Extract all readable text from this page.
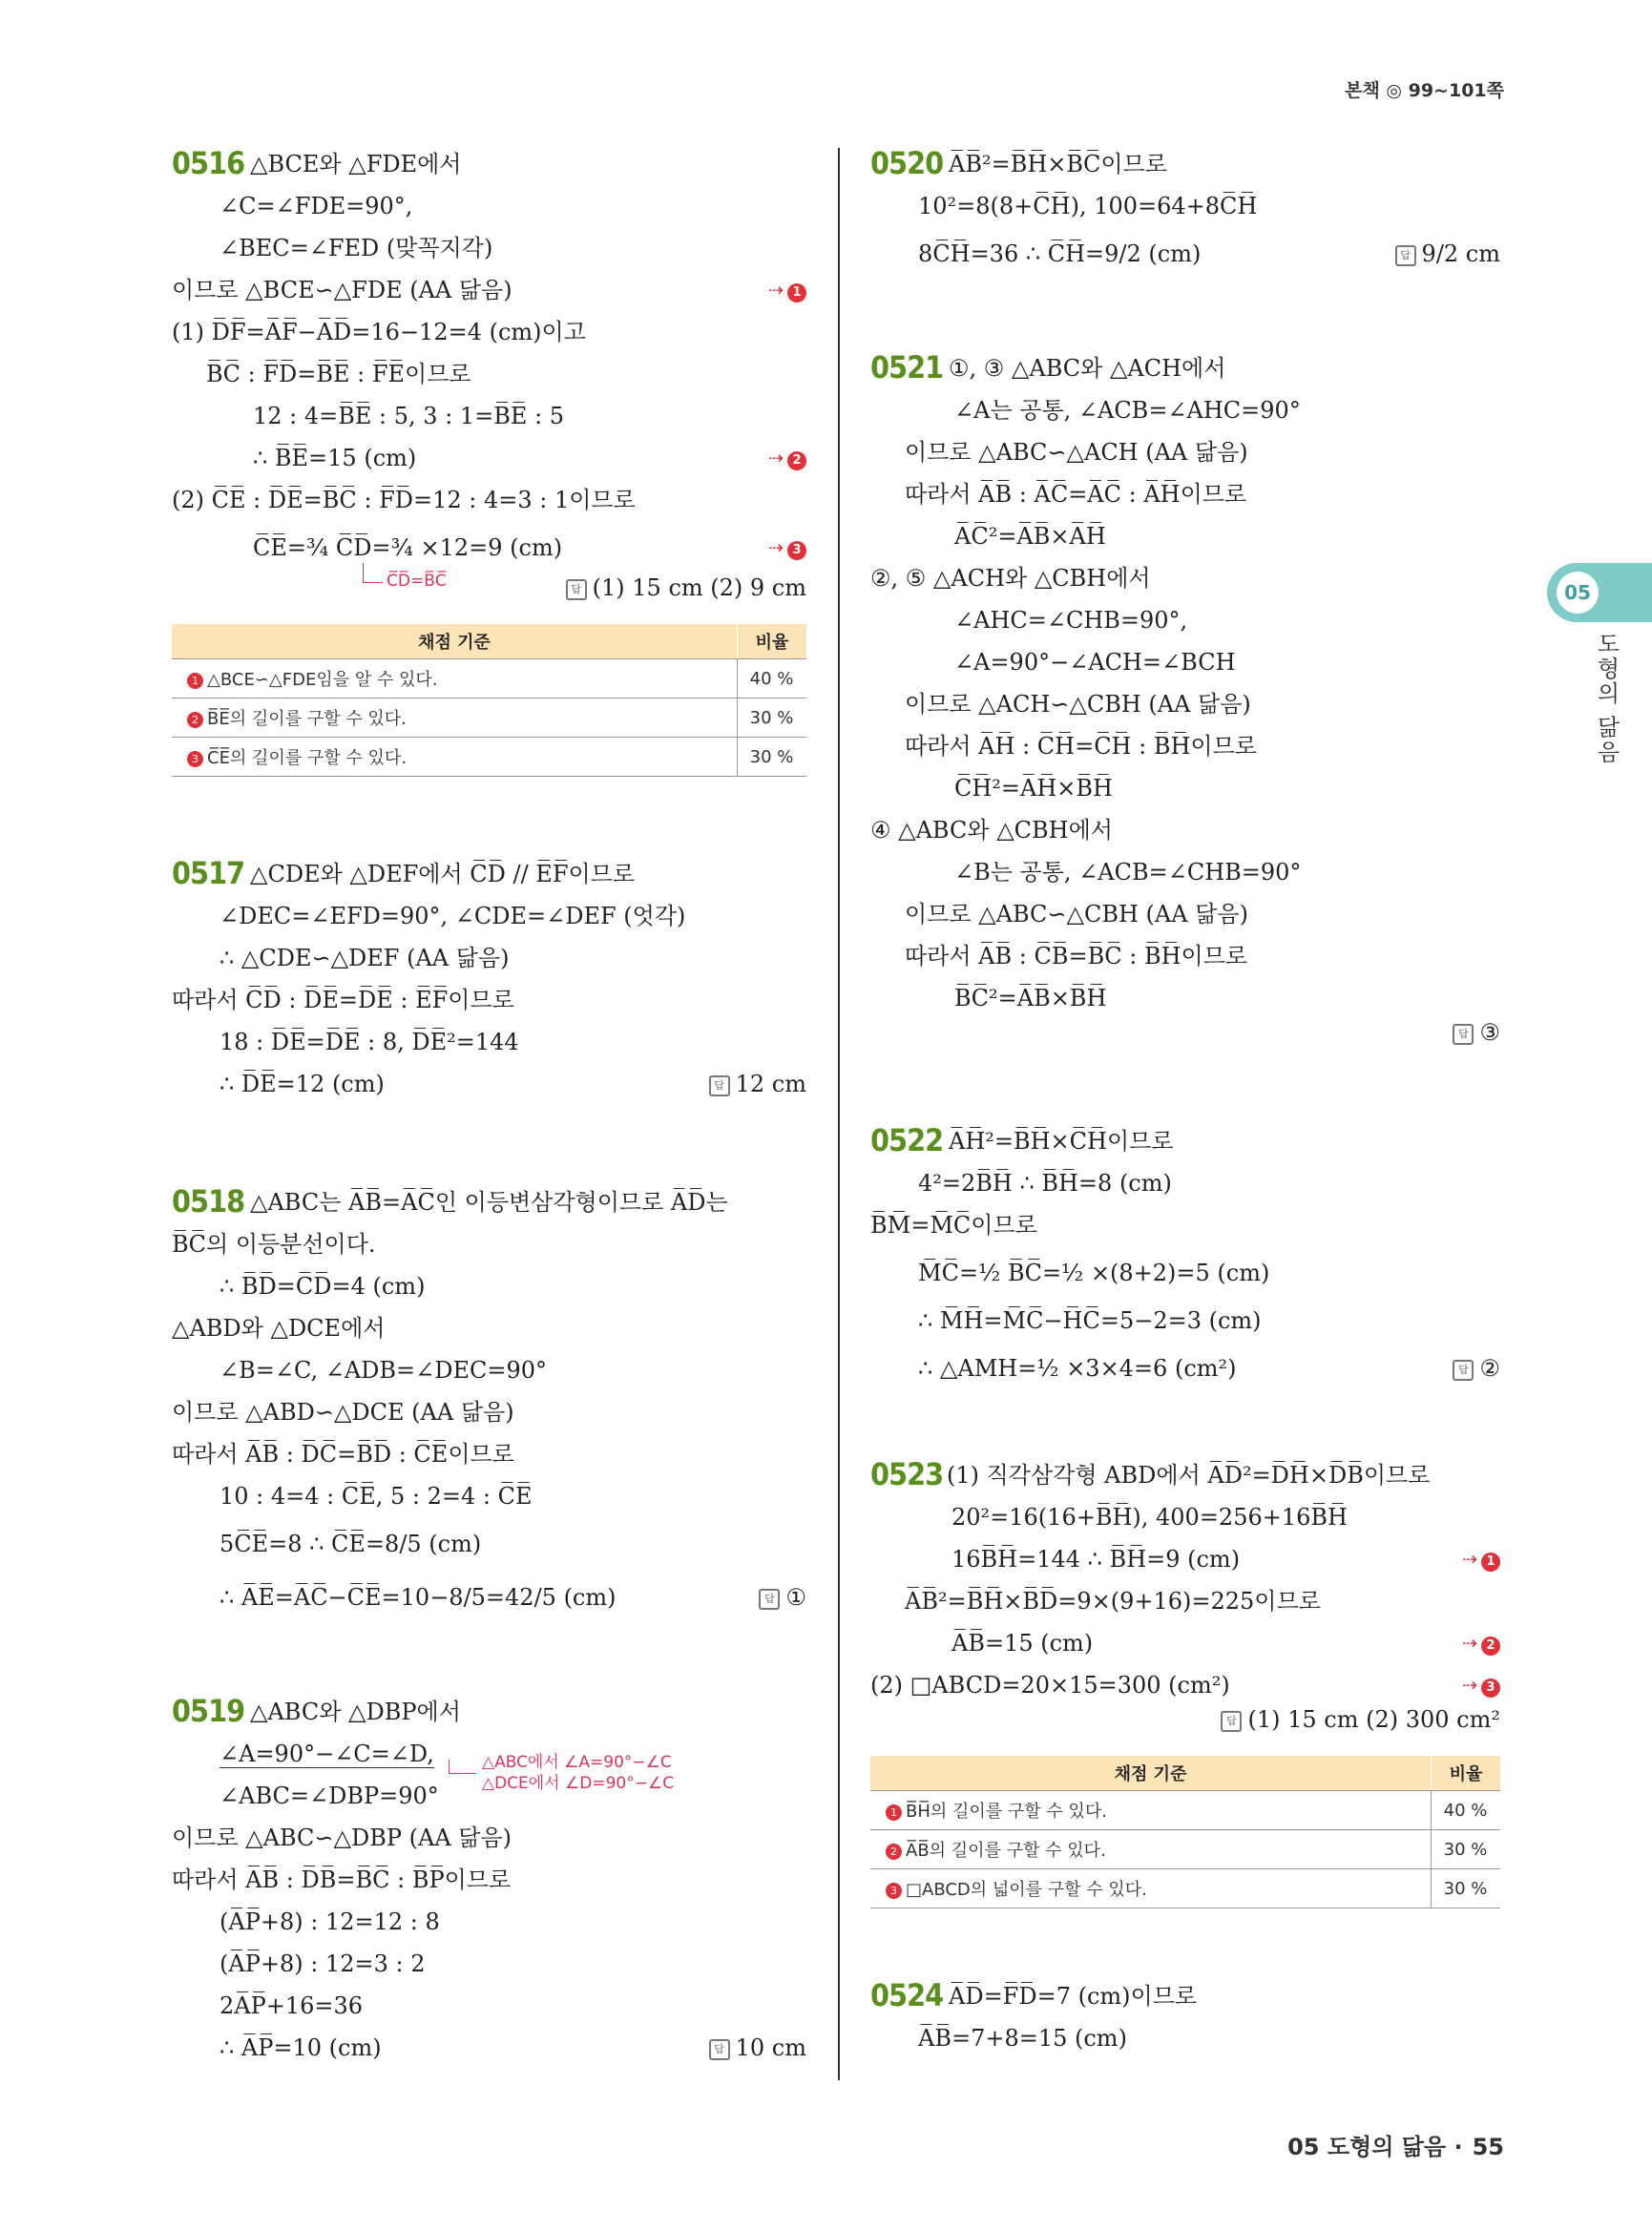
본책 ◎ 99~101쪽
05
도형의 닮음
0516 △BCE와 △FDE에서
∠C=∠FDE=90°,
∠BEC=∠FED (맞꼭지각)
이므로 △BCE∽△FDE (AA 닮음)	⇢ 1
(1) D̅F̅=A̅F̅−A̅D̅=16−12=4 (cm)이고
B̅C̅ : F̅D̅=B̅E̅ : F̅E̅이므로
12 : 4=B̅E̅ : 5, 3 : 1=B̅E̅ : 5
∴ B̅E̅=15 (cm)	⇢ 2
(2) C̅E̅ : D̅E̅=B̅C̅ : F̅D̅=12 : 4=3 : 1이므로
C̅E̅=¾ C̅D̅=¾ ×12=9 (cm)	⇢ 3
C̅D̅=B̅C̅	답 (1) 15 cm (2) 9 cm
채점 기준	비율
1 △BCE∽△FDE임을 알 수 있다.	40 %
2 B̅E̅의 길이를 구할 수 있다.	30 %
3 C̅E̅의 길이를 구할 수 있다.	30 %
0517 △CDE와 △DEF에서 C̅D̅ // E̅F̅이므로
∠DEC=∠EFD=90°, ∠CDE=∠DEF (엇각)
∴ △CDE∽△DEF (AA 닮음)
따라서 C̅D̅ : D̅E̅=D̅E̅ : E̅F̅이므로
18 : D̅E̅=D̅E̅ : 8, D̅E̅²=144
∴ D̅E̅=12 (cm)	답 12 cm
0518 △ABC는 A̅B̅=A̅C̅인 이등변삼각형이므로 A̅D̅는
B̅C̅의 이등분선이다.
∴ B̅D̅=C̅D̅=4 (cm)
△ABD와 △DCE에서
∠B=∠C, ∠ADB=∠DEC=90°
이므로 △ABD∽△DCE (AA 닮음)
따라서 A̅B̅ : D̅C̅=B̅D̅ : C̅E̅이므로
10 : 4=4 : C̅E̅, 5 : 2=4 : C̅E̅
5C̅E̅=8 ∴ C̅E̅=8/5 (cm)
∴ A̅E̅=A̅C̅−C̅E̅=10−8/5=42/5 (cm)	답 ①
0519 △ABC와 △DBP에서
∠A=90°−∠C=∠D,	△ABC에서 ∠A=90°−∠C
△DCE에서 ∠D=90°−∠C
∠ABC=∠DBP=90°
이므로 △ABC∽△DBP (AA 닮음)
따라서 A̅B̅ : D̅B̅=B̅C̅ : B̅P̅이므로
(A̅P̅+8) : 12=12 : 8
(A̅P̅+8) : 12=3 : 2
2A̅P̅+16=36
∴ A̅P̅=10 (cm)	답 10 cm
0520 A̅B̅²=B̅H̅×B̅C̅이므로
10²=8(8+C̅H̅), 100=64+8C̅H̅
8C̅H̅=36 ∴ C̅H̅=9/2 (cm)	답 9/2 cm
0521 ①, ③ △ABC와 △ACH에서
∠A는 공통, ∠ACB=∠AHC=90°
이므로 △ABC∽△ACH (AA 닮음)
따라서 A̅B̅ : A̅C̅=A̅C̅ : A̅H̅이므로
A̅C̅²=A̅B̅×A̅H̅
②, ⑤ △ACH와 △CBH에서
∠AHC=∠CHB=90°,
∠A=90°−∠ACH=∠BCH
이므로 △ACH∽△CBH (AA 닮음)
따라서 A̅H̅ : C̅H̅=C̅H̅ : B̅H̅이므로
C̅H̅²=A̅H̅×B̅H̅
④ △ABC와 △CBH에서
∠B는 공통, ∠ACB=∠CHB=90°
이므로 △ABC∽△CBH (AA 닮음)
따라서 A̅B̅ : C̅B̅=B̅C̅ : B̅H̅이므로
B̅C̅²=A̅B̅×B̅H̅
답 ③
0522 A̅H̅²=B̅H̅×C̅H̅이므로
4²=2B̅H̅ ∴ B̅H̅=8 (cm)
B̅M̅=M̅C̅이므로
M̅C̅=½ B̅C̅=½ ×(8+2)=5 (cm)
∴ M̅H̅=M̅C̅−H̅C̅=5−2=3 (cm)
∴ △AMH=½ ×3×4=6 (cm²)	답 ②
0523 (1) 직각삼각형 ABD에서 A̅D̅²=D̅H̅×D̅B̅이므로
20²=16(16+B̅H̅), 400=256+16B̅H̅
16B̅H̅=144 ∴ B̅H̅=9 (cm)	⇢ 1
A̅B̅²=B̅H̅×B̅D̅=9×(9+16)=225이므로
A̅B̅=15 (cm)	⇢ 2
(2) □ABCD=20×15=300 (cm²)	⇢ 3
답 (1) 15 cm (2) 300 cm²
채점 기준	비율
1 B̅H̅의 길이를 구할 수 있다.	40 %
2 A̅B̅의 길이를 구할 수 있다.	30 %
3 □ABCD의 넓이를 구할 수 있다.	30 %
0524 A̅D̅=F̅D̅=7 (cm)이므로
A̅B̅=7+8=15 (cm)
05 도형의 닮음 · 55
